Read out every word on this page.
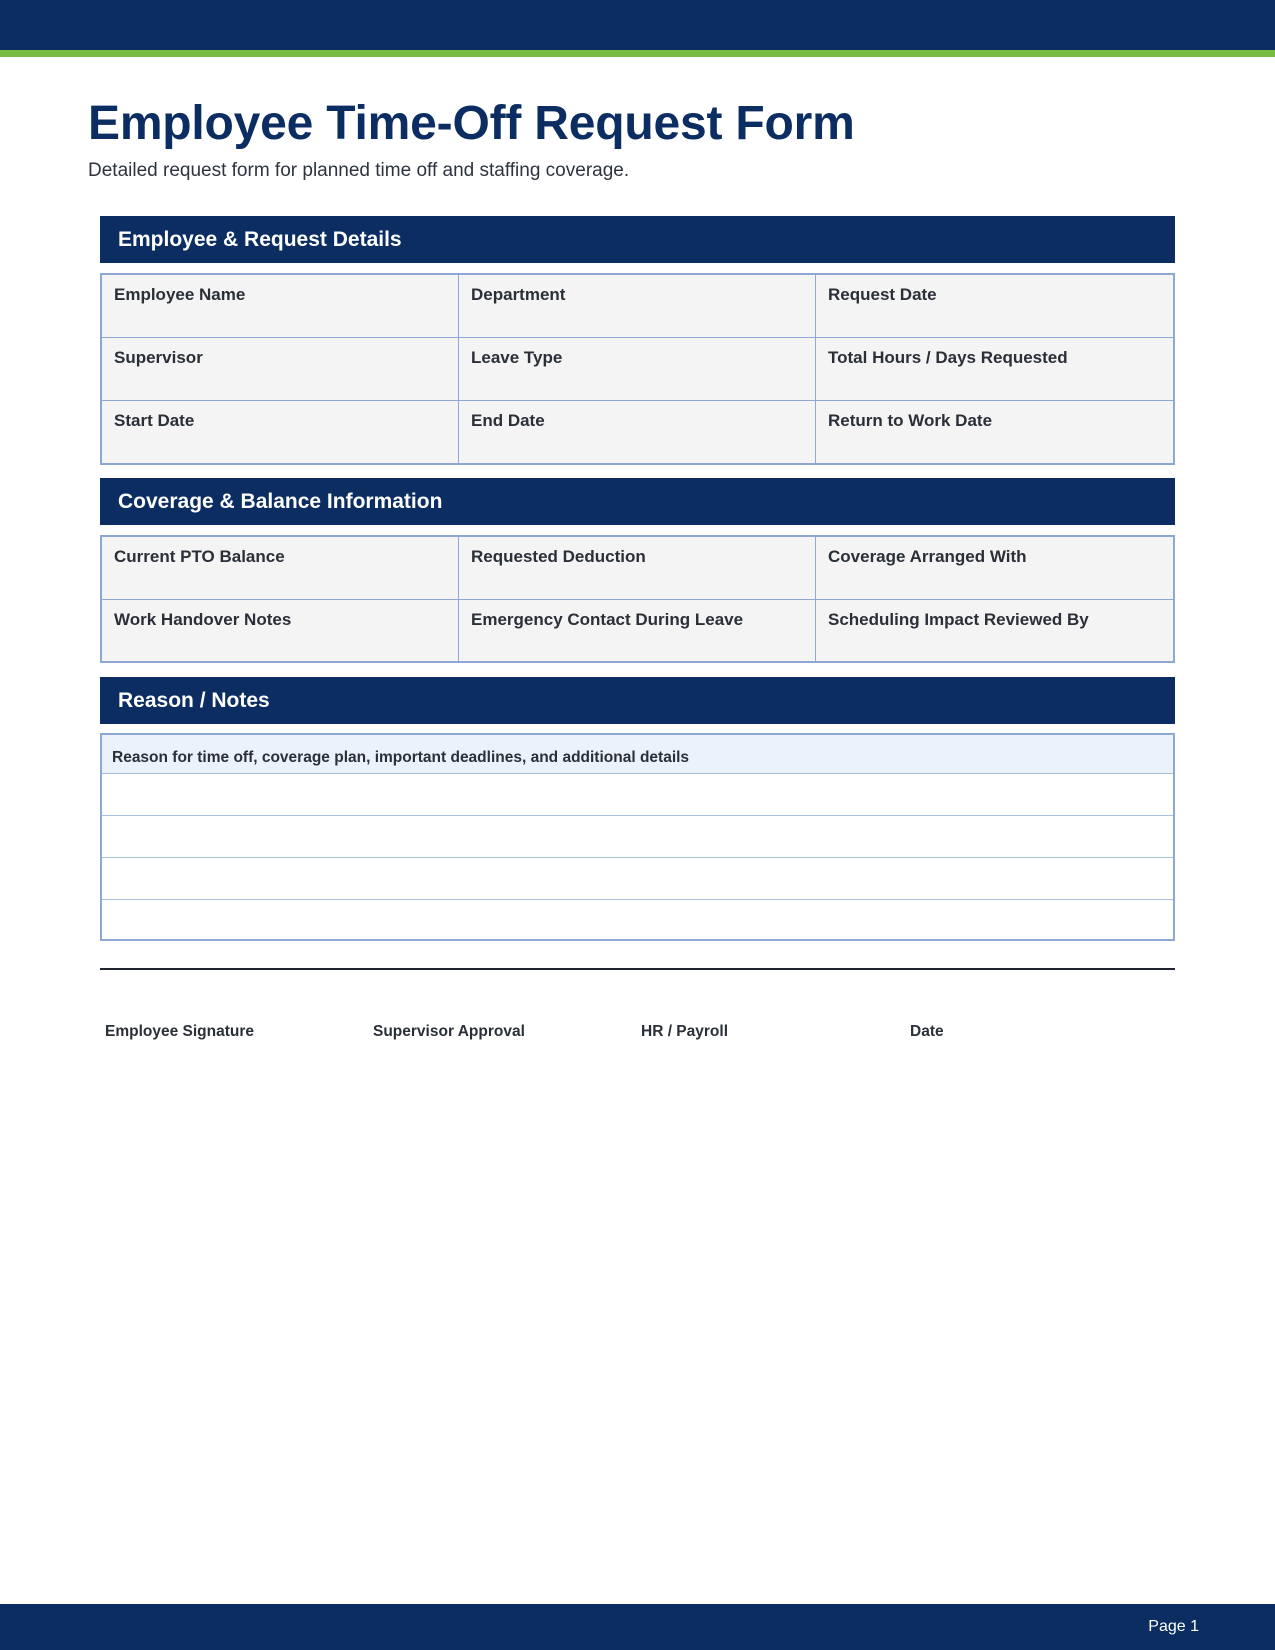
Employee Time-Off Request Form

Detailed request form for planned time off and staffing coverage.

Employee & Request Details
Employee Name	Department	Request Date
Supervisor	Leave Type	Total Hours / Days Requested
Start Date	End Date	Return to Work Date
Coverage & Balance Information
Current PTO Balance	Requested Deduction	Coverage Arranged With
Work Handover Notes	Emergency Contact During Leave	Scheduling Impact Reviewed By
Reason / Notes
Reason for time off, coverage plan, important deadlines, and additional details
Employee Signature	Supervisor Approval	HR / Payroll	Date
Page 1
